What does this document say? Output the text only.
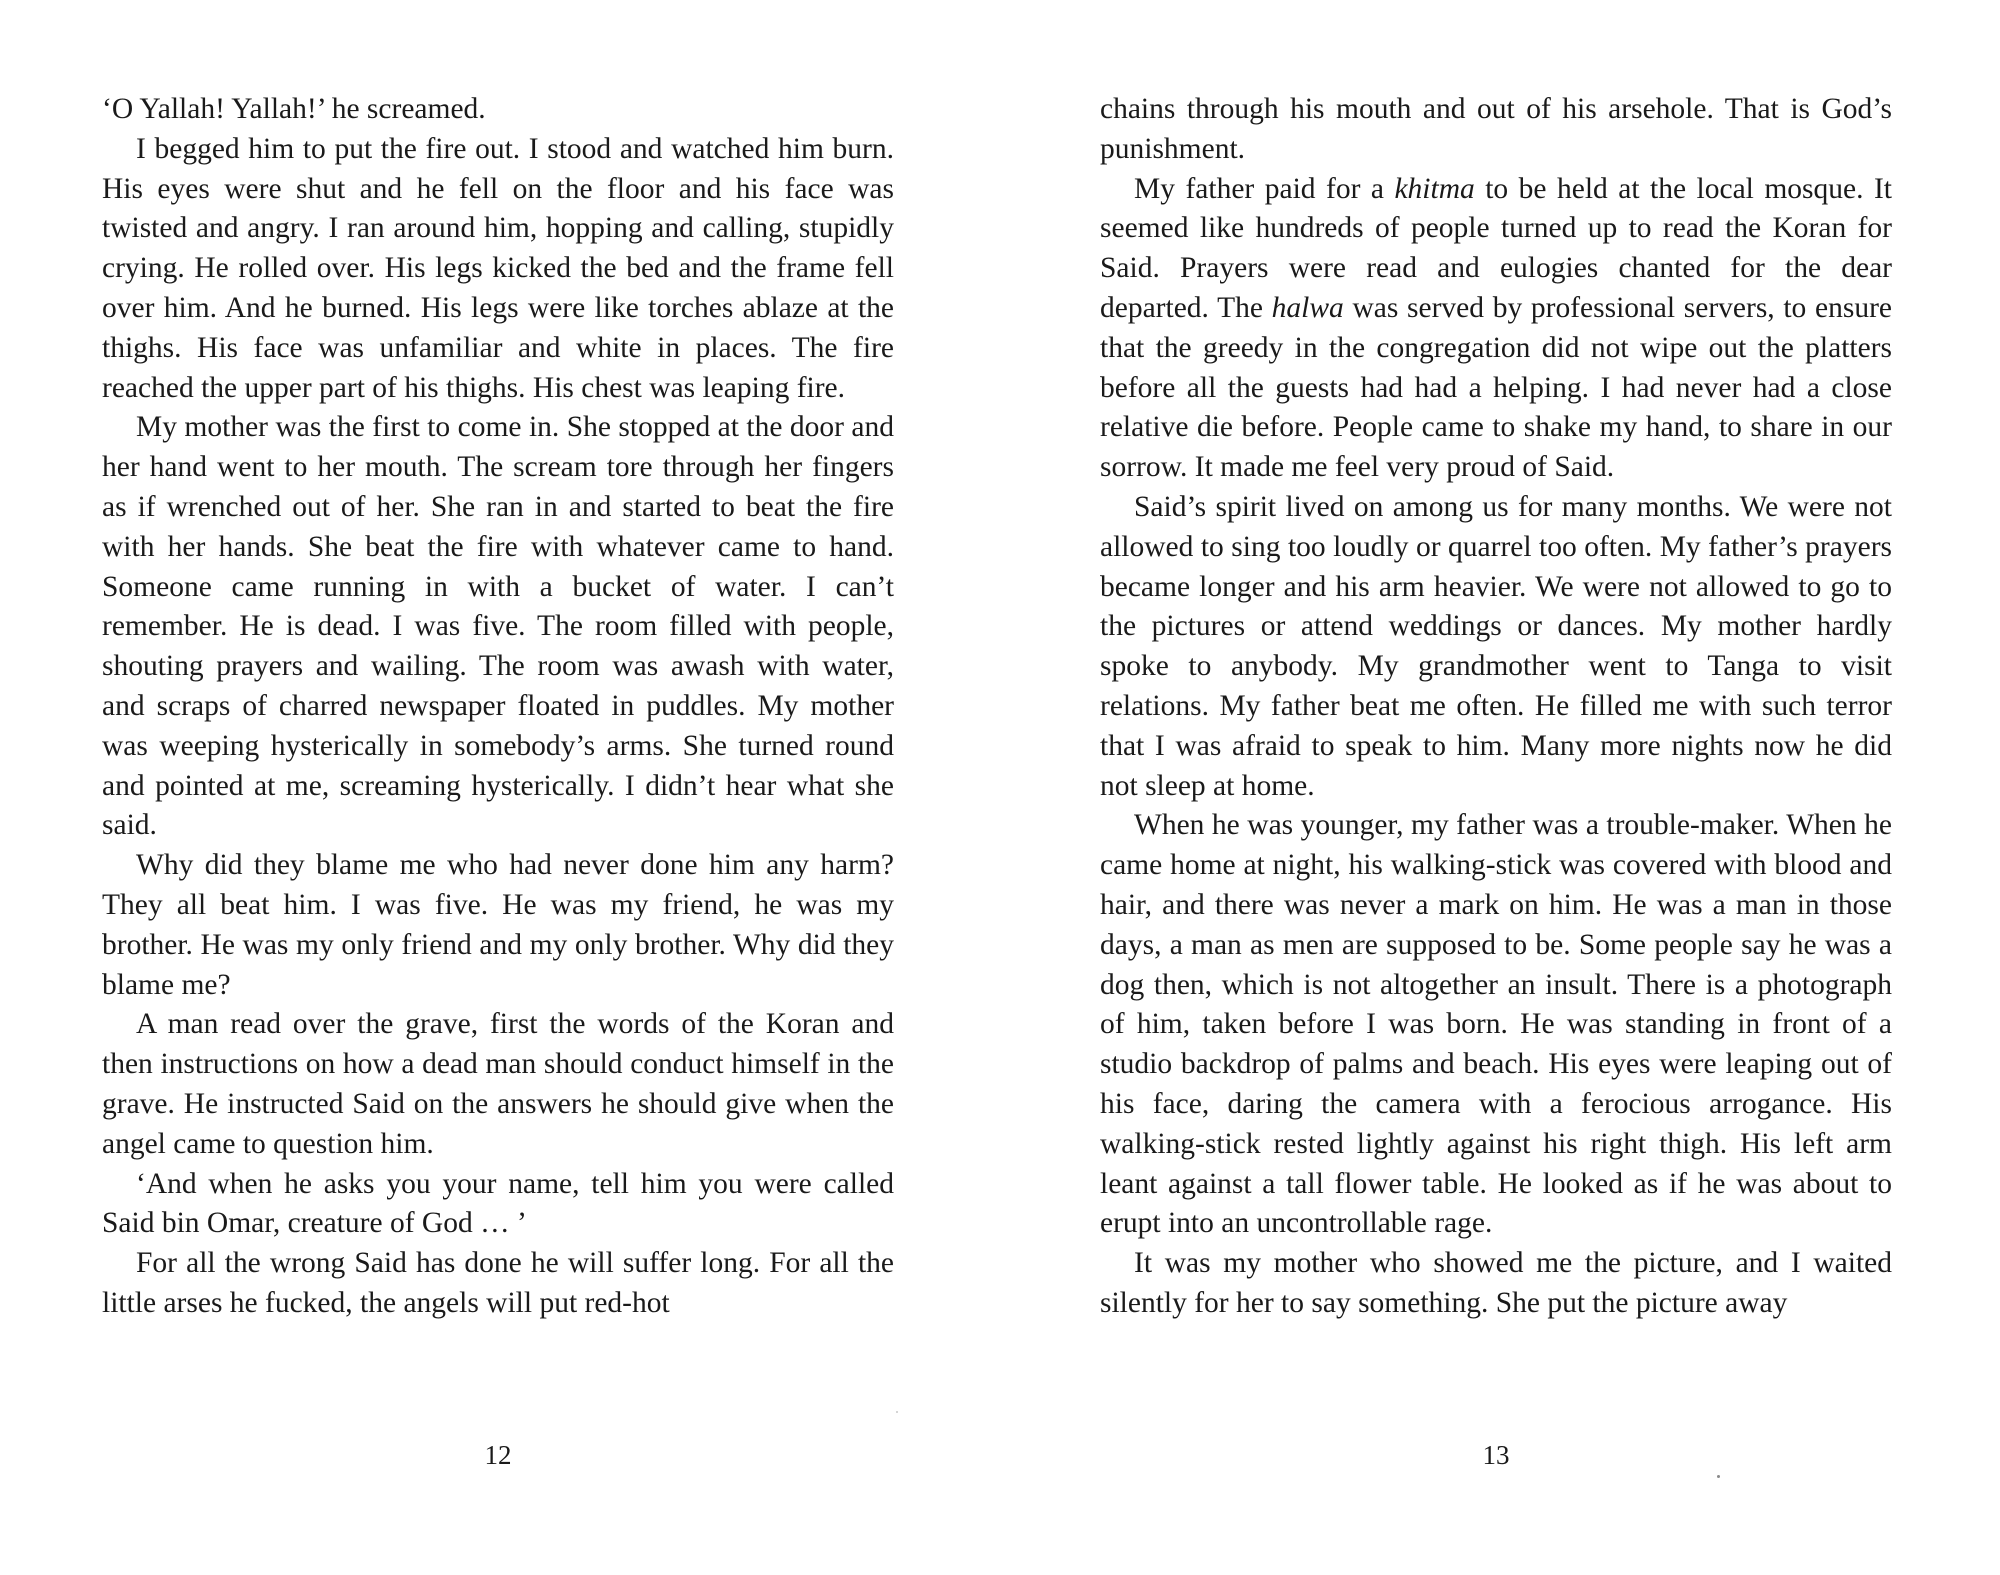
‘O Yallah! Yallah!’ he screamed.

I begged him to put the fire out. I stood and watched him burn. His eyes were shut and he fell on the floor and his face was twisted and angry. I ran around him, hopping and calling, stupidly crying. He rolled over. His legs kicked the bed and the frame fell over him. And he burned. His legs were like torches ablaze at the thighs. His face was unfamiliar and white in places. The fire reached the upper part of his thighs. His chest was leaping fire.

My mother was the first to come in. She stopped at the door and her hand went to her mouth. The scream tore through her fingers as if wrenched out of her. She ran in and started to beat the fire with her hands. She beat the fire with whatever came to hand. Someone came running in with a bucket of water. I can’t remember. He is dead. I was five. The room filled with people, shouting prayers and wailing. The room was awash with water, and scraps of charred newspaper floated in puddles. My mother was weeping hysterically in somebody’s arms. She turned round and pointed at me, screaming hysterically. I didn’t hear what she said.

Why did they blame me who had never done him any harm? They all beat him. I was five. He was my friend, he was my brother. He was my only friend and my only brother. Why did they blame me?

A man read over the grave, first the words of the Koran and then instructions on how a dead man should conduct himself in the grave. He instructed Said on the answers he should give when the angel came to question him.

‘And when he asks you your name, tell him you were called Said bin Omar, creature of God … ’

For all the wrong Said has done he will suffer long. For all the little arses he fucked, the angels will put red-hot

12

chains through his mouth and out of his arsehole. That is God’s punishment.

My father paid for a khitma to be held at the local mosque. It seemed like hundreds of people turned up to read the Koran for Said. Prayers were read and eulogies chanted for the dear departed. The halwa was served by professional servers, to ensure that the greedy in the congregation did not wipe out the platters before all the guests had had a helping. I had never had a close relative die before. People came to shake my hand, to share in our sorrow. It made me feel very proud of Said.

Said’s spirit lived on among us for many months. We were not allowed to sing too loudly or quarrel too often. My father’s prayers became longer and his arm heavier. We were not allowed to go to the pictures or attend weddings or dances. My mother hardly spoke to anybody. My grandmother went to Tanga to visit relations. My father beat me often. He filled me with such terror that I was afraid to speak to him. Many more nights now he did not sleep at home.

When he was younger, my father was a trouble-maker. When he came home at night, his walking-stick was covered with blood and hair, and there was never a mark on him. He was a man in those days, a man as men are supposed to be. Some people say he was a dog then, which is not altogether an insult. There is a photograph of him, taken before I was born. He was standing in front of a studio backdrop of palms and beach. His eyes were leaping out of his face, daring the camera with a ferocious arrogance. His walking-stick rested lightly against his right thigh. His left arm leant against a tall flower table. He looked as if he was about to erupt into an uncontrollable rage.

It was my mother who showed me the picture, and I waited silently for her to say something. She put the picture away

13
